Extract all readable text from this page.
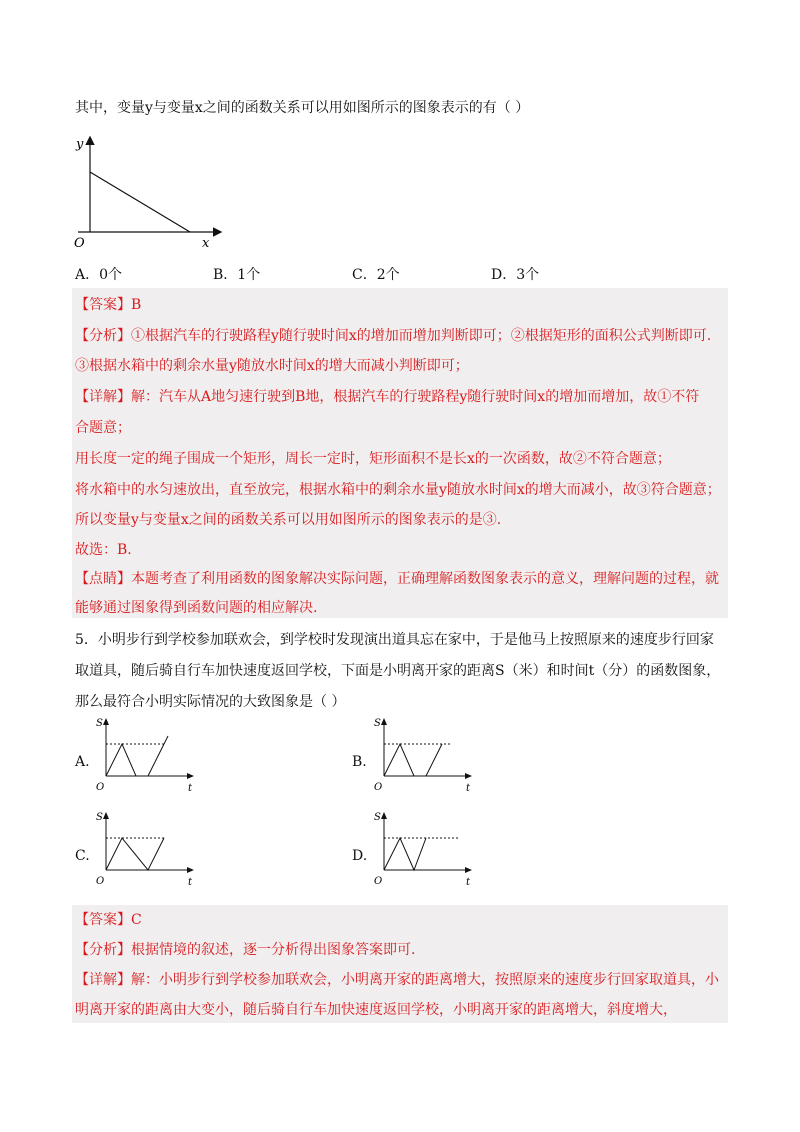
其中，变量y与变量x之间的函数关系可以用如图所示的图象表示的有（ ）
y
x
O
A．0个	B．1个	C．2个	D．3个
【答案】B
【分析】①根据汽车的行驶路程y随行驶时间x的增加而增加判断即可；②根据矩形的面积公式判断即可.
③根据水箱中的剩余水量y随放水时间x的增大而减小判断即可；
【详解】解：汽车从A地匀速行驶到B地，根据汽车的行驶路程y随行驶时间x的增加而增加，故①不符
合题意；
用长度一定的绳子围成一个矩形，周长一定时，矩形面积不是长x的一次函数，故②不符合题意；
将水箱中的水匀速放出，直至放完，根据水箱中的剩余水量y随放水时间x的增大而减小，故③符合题意；
所以变量y与变量x之间的函数关系可以用如图所示的图象表示的是③.
故选：B.
【点睛】本题考查了利用函数的图象解决实际问题，正确理解函数图象表示的意义，理解问题的过程，就
能够通过图象得到函数问题的相应解决.
5．小明步行到学校参加联欢会，到学校时发现演出道具忘在家中，于是他马上按照原来的速度步行回家
取道具，随后骑自行车加快速度返回学校，下面是小明离开家的距离S（米）和时间t（分）的函数图象，
那么最符合小明实际情况的大致图象是（ ）
A.	B.
C.	D.
S
t
O
S
t
O
S
t
O
S
t
O
【答案】C
【分析】根据情境的叙述，逐一分析得出图象答案即可.
【详解】解：小明步行到学校参加联欢会，小明离开家的距离增大，按照原来的速度步行回家取道具，小
明离开家的距离由大变小，随后骑自行车加快速度返回学校，小明离开家的距离增大，斜度增大，
